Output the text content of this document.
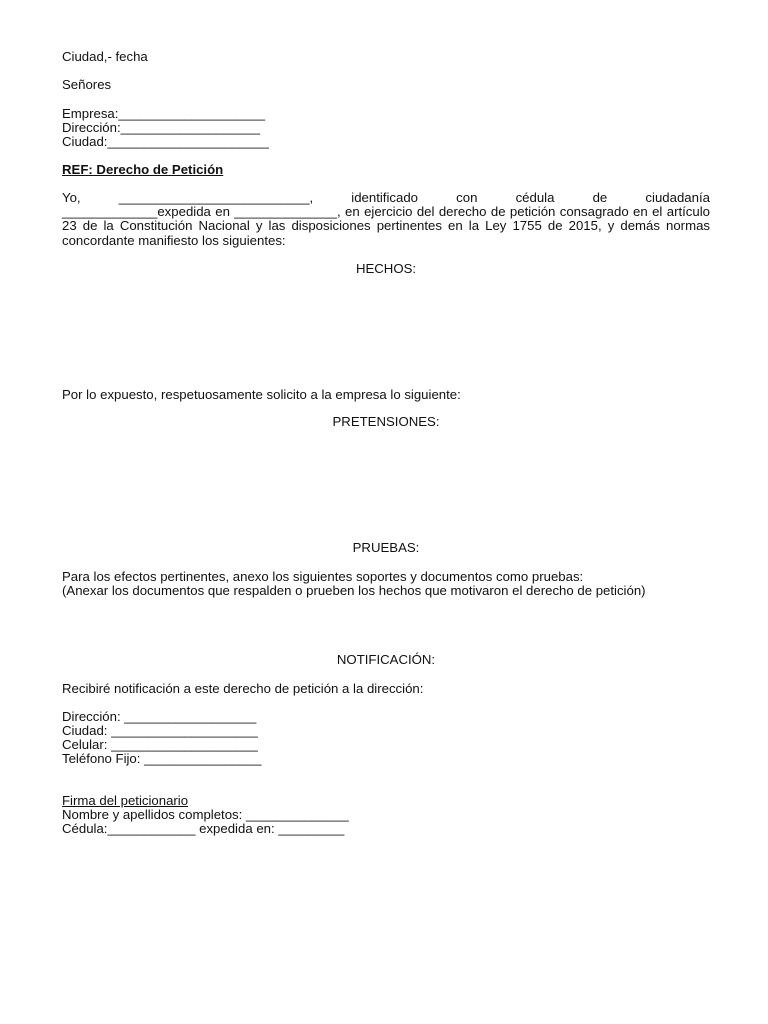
Ciudad,- fecha
Señores
Empresa:____________________
Dirección:___________________
Ciudad:______________________
REF: Derecho de Petición
Yo,	__________________________,	identificado	con	cédula	de	ciudadanía
_____________expedida en ______________, en ejercicio del derecho de petición consagrado en el artículo 23 de la Constitución Nacional y las disposiciones pertinentes en la Ley 1755 de 2015, y demás normas concordante manifiesto los siguientes:
HECHOS:
Por lo expuesto, respetuosamente solicito a la empresa lo siguiente:
PRETENSIONES:
PRUEBAS:
Para los efectos pertinentes, anexo los siguientes soportes y documentos como pruebas:
(Anexar los documentos que respalden o prueben los hechos que motivaron el derecho de petición)
NOTIFICACIÓN:
Recibiré notificación a este derecho de petición a la dirección:
Dirección: __________________
Ciudad: ____________________
Celular: ____________________
Teléfono Fijo: ________________
Firma del peticionario
Nombre y apellidos completos: ______________
Cédula:____________ expedida en: _________
